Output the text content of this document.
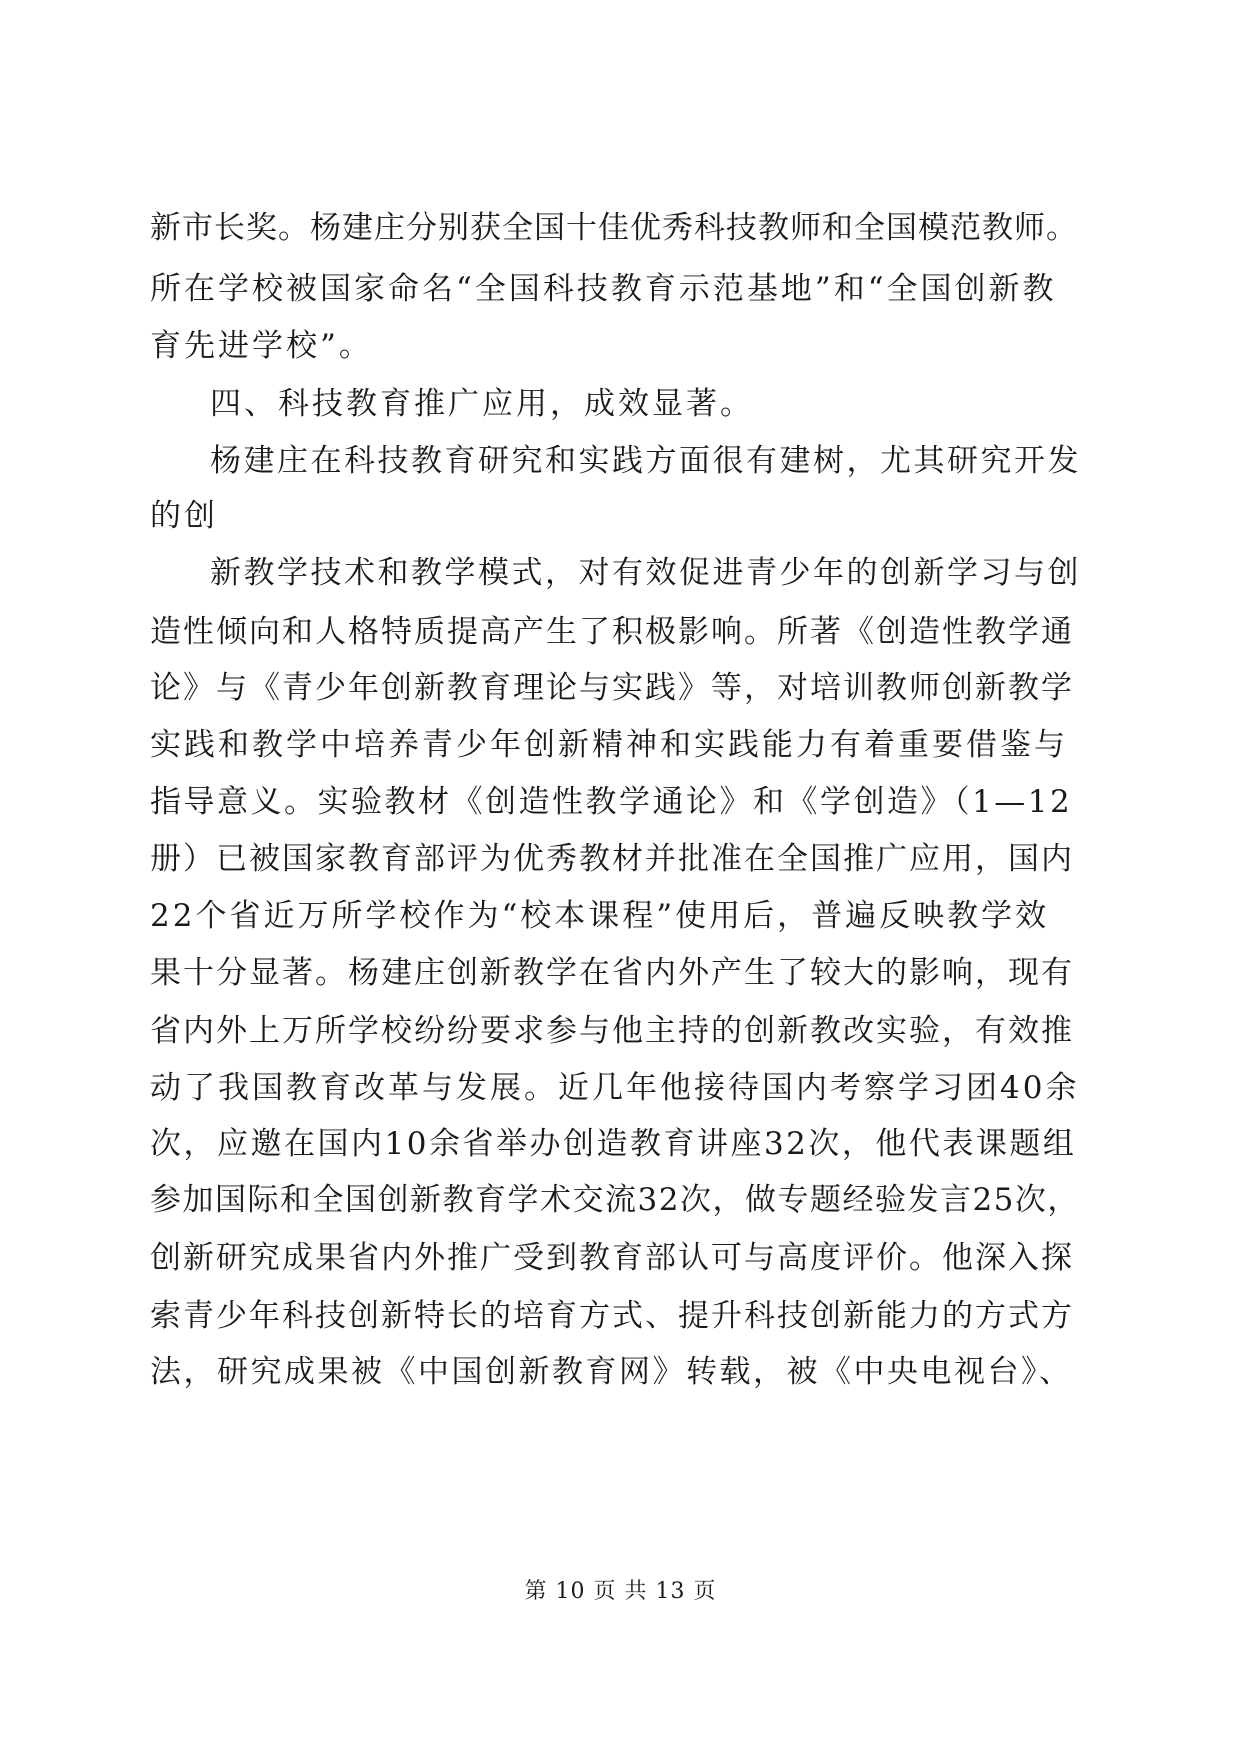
新市长奖。杨建庄分别获全国十佳优秀科技教师和全国模范教师。
所在学校被国家命名“全国科技教育示范基地”和“全国创新教
育先进学校”。
四、科技教育推广应用，成效显著。
杨建庄在科技教育研究和实践方面很有建树，尤其研究开发
的创
新教学技术和教学模式，对有效促进青少年的创新学习与创
造性倾向和人格特质提高产生了积极影响。所著《创造性教学通
论》与《青少年创新教育理论与实践》等，对培训教师创新教学
实践和教学中培养青少年创新精神和实践能力有着重要借鉴与
指导意义。实验教材《创造性教学通论》和《学创造》（1—12
册）已被国家教育部评为优秀教材并批准在全国推广应用，国内
22个省近万所学校作为“校本课程”使用后，普遍反映教学效
果十分显著。杨建庄创新教学在省内外产生了较大的影响，现有
省内外上万所学校纷纷要求参与他主持的创新教改实验，有效推
动了我国教育改革与发展。近几年他接待国内考察学习团40余
次，应邀在国内10余省举办创造教育讲座32次，他代表课题组
参加国际和全国创新教育学术交流32次，做专题经验发言25次，
创新研究成果省内外推广受到教育部认可与高度评价。他深入探
索青少年科技创新特长的培育方式、提升科技创新能力的方式方
法，研究成果被《中国创新教育网》转载，被《中央电视台》、
第 10 页 共 13 页
